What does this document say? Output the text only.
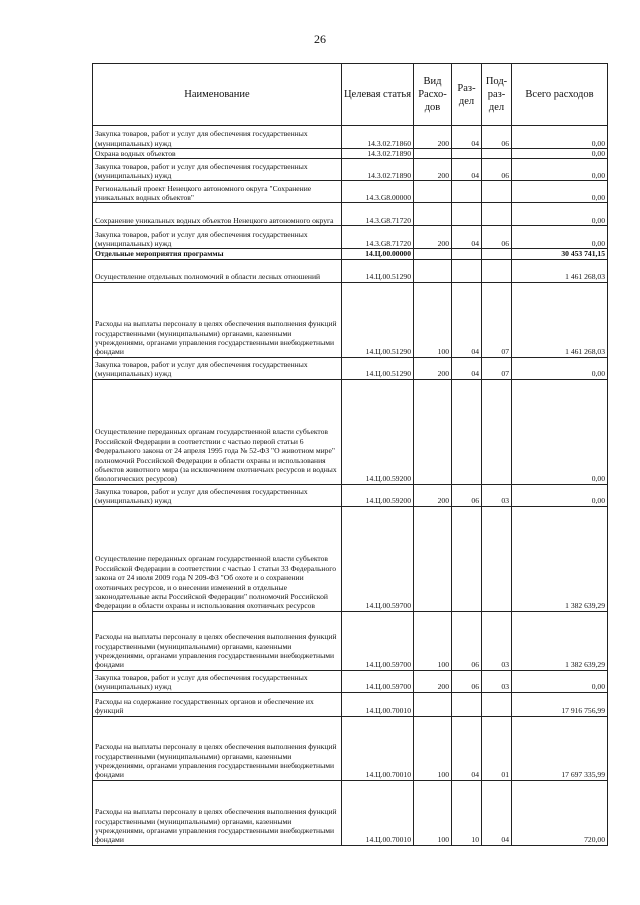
26
Наименование	Целевая статья	Вид Расхо-дов	Раз-дел	Под-раз-дел	Всего расходов
Закупка товаров, работ и услуг для обеспечения государственных (муниципальных) нужд	14.3.02.71860	200	04	06	0,00
Охрана водных объектов	14.3.02.71890				0,00
Закупка товаров, работ и услуг для обеспечения государственных (муниципальных) нужд	14.3.02.71890	200	04	06	0,00
Региональный проект Ненецкого автономного округа "Сохранение уникальных водных объектов"	14.3.G8.00000				0,00
Сохранение уникальных водных объектов Ненецкого автономного округа	14.3.G8.71720				0,00
Закупка товаров, работ и услуг для обеспечения государственных (муниципальных) нужд	14.3.G8.71720	200	04	06	0,00
Отдельные мероприятия программы	14.Ц.00.00000				30 453 741,15
Осуществление отдельных полномочий в области лесных отношений	14.Ц.00.51290				1 461 268,03
Расходы на выплаты персоналу в целях обеспечения выполнения функций государственными (муниципальными) органами, казенными учреждениями, органами управления государственными внебюджетными фондами	14.Ц.00.51290	100	04	07	1 461 268,03
Закупка товаров, работ и услуг для обеспечения государственных (муниципальных) нужд	14.Ц.00.51290	200	04	07	0,00
Осуществление переданных органам государственной власти субъектов Российской Федерации в соответствии с частью первой статьи 6 Федерального закона от 24 апреля 1995 года № 52-ФЗ "О животном мире" полномочий Российской Федерации в области охраны и использования объектов животного мира (за исключением охотничьих ресурсов и водных биологических ресурсов)	14.Ц.00.59200				0,00
Закупка товаров, работ и услуг для обеспечения государственных (муниципальных) нужд	14.Ц.00.59200	200	06	03	0,00
Осуществление переданных органам государственной власти субъектов Российской Федерации в соответствии с частью 1 статьи 33 Федерального закона от 24 июля 2009 года N 209-ФЗ "Об охоте и о сохранении охотничьих ресурсов, и о внесении изменений в отдельные законодательные акты Российской Федерации" полномочий Российской Федерации в области охраны и использования охотничьих ресурсов	14.Ц.00.59700				1 382 639,29
Расходы на выплаты персоналу в целях обеспечения выполнения функций государственными (муниципальными) органами, казенными учреждениями, органами управления государственными внебюджетными фондами	14.Ц.00.59700	100	06	03	1 382 639,29
Закупка товаров, работ и услуг для обеспечения государственных (муниципальных) нужд	14.Ц.00.59700	200	06	03	0,00
Расходы на содержание государственных органов и обеспечение их функций	14.Ц.00.70010				17 916 756,99
Расходы на выплаты персоналу в целях обеспечения выполнения функций государственными (муниципальными) органами, казенными учреждениями, органами управления государственными внебюджетными фондами	14.Ц.00.70010	100	04	01	17 697 335,99
Расходы на выплаты персоналу в целях обеспечения выполнения функций государственными (муниципальными) органами, казенными учреждениями, органами управления государственными внебюджетными фондами	14.Ц.00.70010	100	10	04	720,00
